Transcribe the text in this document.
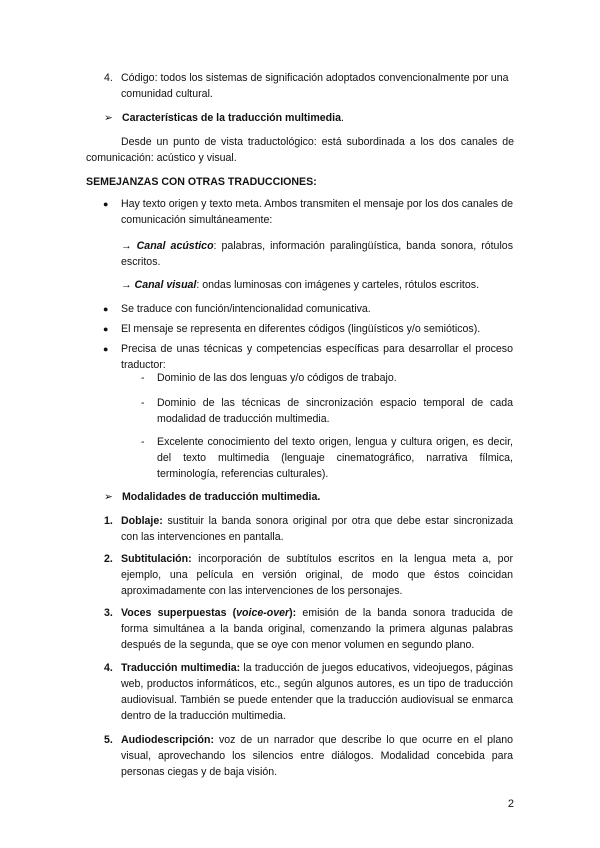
4. Código: todos los sistemas de significación adoptados convencionalmente por una comunidad cultural.
➢ Características de la traducción multimedia.
Desde un punto de vista traductológico: está subordinada a los dos canales de comunicación: acústico y visual.
SEMEJANZAS CON OTRAS TRADUCCIONES:
● Hay texto origen y texto meta. Ambos transmiten el mensaje por los dos canales de comunicación simultáneamente:
→ Canal acústico: palabras, información paralingüística, banda sonora, rótulos escritos.
→ Canal visual: ondas luminosas con imágenes y carteles, rótulos escritos.
● Se traduce con función/intencionalidad comunicativa.
● El mensaje se representa en diferentes códigos (lingüísticos y/o semióticos).
● Precisa de unas técnicas y competencias específicas para desarrollar el proceso traductor:
- Dominio de las dos lenguas y/o códigos de trabajo.
- Dominio de las técnicas de sincronización espacio temporal de cada modalidad de traducción multimedia.
- Excelente conocimiento del texto origen, lengua y cultura origen, es decir, del texto multimedia (lenguaje cinematográfico, narrativa fílmica, terminología, referencias culturales).
➢ Modalidades de traducción multimedia.
1. Doblaje: sustituir la banda sonora original por otra que debe estar sincronizada con las intervenciones en pantalla.
2. Subtitulación: incorporación de subtítulos escritos en la lengua meta a, por ejemplo, una película en versión original, de modo que éstos coincidan aproximadamente con las intervenciones de los personajes.
3. Voces superpuestas (voice-over): emisión de la banda sonora traducida de forma simultánea a la banda original, comenzando la primera algunas palabras después de la segunda, que se oye con menor volumen en segundo plano.
4. Traducción multimedia: la traducción de juegos educativos, videojuegos, páginas web, productos informáticos, etc., según algunos autores, es un tipo de traducción audiovisual. También se puede entender que la traducción audiovisual se enmarca dentro de la traducción multimedia.
5. Audiodescripción: voz de un narrador que describe lo que ocurre en el plano visual, aprovechando los silencios entre diálogos. Modalidad concebida para personas ciegas y de baja visión.
2
